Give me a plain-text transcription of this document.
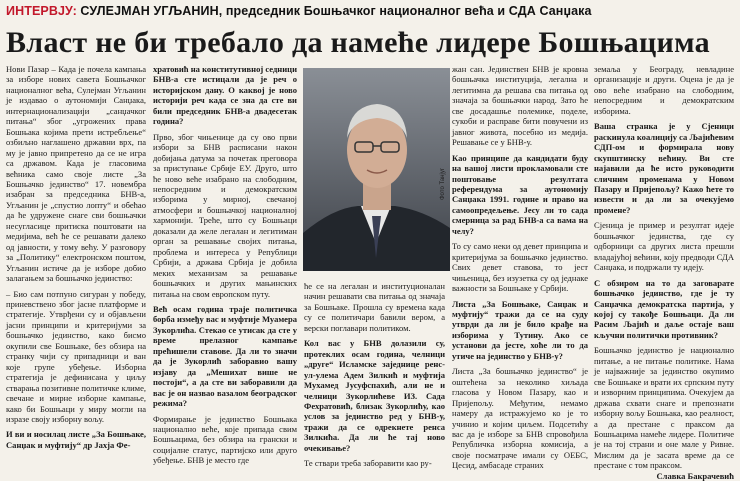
ИНТЕРВЈУ: СУЛЕЈМАН УГЉАНИН, председник Бошњачког националног већа и СДА Санџака
Власт не би требало да намеће лидере Бошњацима

Нови Пазар – Када је почела кампања за изборе нових савета Бошњачког националног већа, Сулејман Угљанин је издавао о аутономији Санџака, интернационализацији „санџачког питања“ због „угрожених права Бошњака којима прети истребљење“ озбиљно наглашено државни врх, па му је јавно припретено да се не игра са државом. Када је гласовима већника само своје листе „За Бошњачко јединство“ 17. новембра изабран за председника БНВ-а, Угљанин је „спустио лопту“ и обећао да ће удружене снаге сви бошњачки несугласице притиска поштовати на медијима, већ ће се решавати далеко од јавности, у тому већу. У разговору за „Политику“ електронском поштом, Угљанин истиче да је изборе добио залагањем за бошњачко јединство:

– Био сам потпуно сигуран у победу, приневствено због јасне платформе и стратегије. Утврђени су и објављени јасни принципи и критеријуми за бошњачко јединство, како бисмо окупили све Бошњаке, без обзира на странку чији су припадници и ван које групе убеђење. Изборна стратегија је дефинисана у циљу стварања позитивне политичке климе, свечане и мирне изборне кампање, како би Бошњаци у миру могли на изразе своју изборну вољу.

И ви и носилац листе „За Бошњаке, Санџак и муфтију“ др Јахја Фе-

хратовић на конститутивној седници БНВ-а сте истицали да је реч о историјском дану. О каквој је ново историји реч када се зна да сте ви били председник БНВ-а двадесетак година?

Прво, због чињенице да су ово први избори за БНВ расписани након добијања датума за почетак преговора за приступање Србије ЕУ. Друго, што ће ново веће изабрано на слободним, непосредним и демократским изборима у мирној, свечаној атмосфери и бошњачкој националној хармонији. Треће, што су Бошњаци доказали да желе легалан и легитиман орган за решавање својих питања, проблема и интереса у Републици Србији, а држава Србија је добила меких механизам за решавање бошњачких и других мањинских питања на свом европском путу.

Већ осам година траје политичка борба између вас и муфтије Муамера Зукорлића. Стекао се утисак да сте у време прелазног кампање прећишели ставове. Да ли то значи да је Зукорлић заборавио вашу изјаву да „Мешихат више не постоји“, а да сте ви заборавили да вас је он назвао вазалом београдског режима?

Формирање је јединство Бошњака национално веће, које припада свим Бошњацима, без обзира на грански и социјалне статус, партијско или друго убеђење. БНВ је место где

Фото Танјуг

ће се на легалан и институционалан начин решавати сва питања од значаја за Бошњаке. Прошла су времена када су се политичари бавили вером, а верски поглавари политиком.

Кол вас у БНВ долазили су, протеклих осам година, челници „друге“ Исламске заједнице ренс-ул-улема Адем Зилкић и муфтија Мухамед Јусуфспахић, али не и челници Зукорлићеве ИЗ. Сада Фехратовић, близак Зукорлићу, као услов за јединство ред у БНВ-у, тражи да се одрекнете ренса Зилкића. Да ли ће тај ново очекивање?

Те ствари треба заборавити као ру-

жан сан. Јединствен БНВ је кровна бошњачка институција, легална и легитимна да решава сва питања од значаја за бошњачки народ. Зато ће све досадашње полемике, поделе, сукоби и расправе бити повучени из јавног живота, посебно из медија. Решавање се у БНВ-у.

Као принципе да кандидати буду на вашој листи прокламовали сте поштовање резултата референдума за аутономију Санџака 1991. године и право на самоопредељење. Јесу ли то сада смерница за рад БНВ-а са вама на челу?

То су само неки од девет принципа и критеријума за бошњачко јединство. Свих девет ставова, то јест чињеница, без изузетка су од једнаке важности за Бошњаке у Србији.

Листа „За Бошњаке, Санџак и муфтију“ тражи да се на суду утврди да ли је било крађе на изборима у Тутину. Ако се установи да јесте, хоће ли то да утиче на јединство у БНВ-у?

Листа „За бошњачко јединство“ је оштећена за неколико хиљада гласова у Новом Пазару, као и Пријепољу. Међутим, немамо намеру да истражујемо ко је то учинио и којим циљем. Подсетићу вас да је изборе за БНВ спровођила Републичка изборна комисија, а своје посматраче имали су ОЕБС, Цесид, амбасаде страних

земаља у Београду, невладине организације и други. Оцена је да је ово веће изабрано на слободним, непосредним и демократским изборима.

Ваша странка је у Сјеници раскинула коалицију са Љајићевим СДП-ом и формирала нову скупштинску већину. Ви сте најавили да ће исто руководити сличним променама у Новом Пазару и Пријепољу? Кажо ћете то извести и да ли за очекујемо промене?

Сјеница је пример и резултат идеје бошњачког јединства, где су одборници са других листа прешли владајућој већини, коју предводи СДА Санџака, и подржали ту идеју.

С обзиром на то да заговарате бошњачко јединство, где је ту Санџачка демократска партија, у којој су такође Бошњаци. Да ли Расим Љајић и даље остаје ваш кључни политички противник?

Бошњачко јединство је национално питање, а не питање политике. Нама је најважније за јединство окупимо све Бошњаке и врати их српским путу и изворним принципима. Очекујем да држава схвати снаге и препознати изборну вољу Бошњака, као реалност, а да престане с праксом да Бошњацима намеће лидере. Политиче је на тој страни и оне мале у Ривне. Мислим да је засата време да се престане с том праксом.

Славка Бакрачевић
